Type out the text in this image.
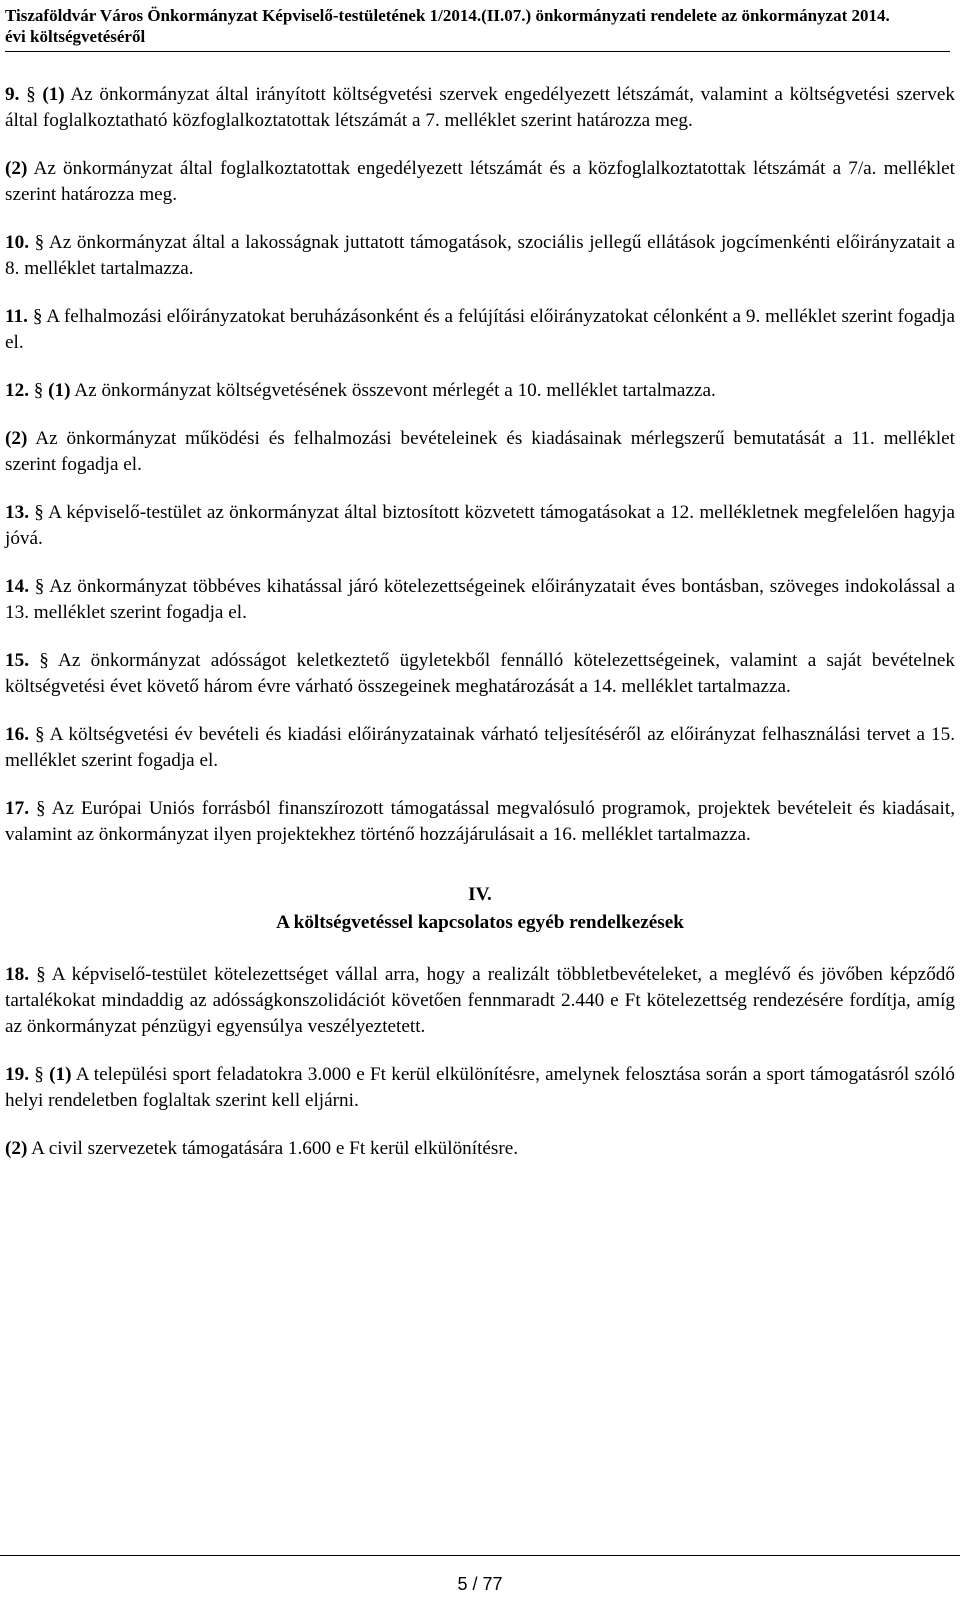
Tiszaföldvár Város Önkormányzat Képviselő-testületének 1/2014.(II.07.) önkormányzati rendelete az önkormányzat 2014.
évi költségvetéséről

9. § (1) Az önkormányzat által irányított költségvetési szervek engedélyezett létszámát, valamint a költségvetési szervek által foglalkoztatható közfoglalkoztatottak létszámát a 7. melléklet szerint határozza meg.

(2) Az önkormányzat által foglalkoztatottak engedélyezett létszámát és a közfoglalkoztatottak létszámát a 7/a. melléklet szerint határozza meg.

10. § Az önkormányzat által a lakosságnak juttatott támogatások, szociális jellegű ellátások jogcímenkénti előirányzatait a 8. melléklet tartalmazza.

11. § A felhalmozási előirányzatokat beruházásonként és a felújítási előirányzatokat célonként a 9. melléklet szerint fogadja el.

12. § (1) Az önkormányzat költségvetésének összevont mérlegét a 10. melléklet tartalmazza.

(2) Az önkormányzat működési és felhalmozási bevételeinek és kiadásainak mérlegszerű bemutatását a 11. melléklet szerint fogadja el.

13. § A képviselő-testület az önkormányzat által biztosított közvetett támogatásokat a 12. mellékletnek megfelelően hagyja jóvá.

14. § Az önkormányzat többéves kihatással járó kötelezettségeinek előirányzatait éves bontásban, szöveges indokolással a 13. melléklet szerint fogadja el.

15. § Az önkormányzat adósságot keletkeztető ügyletekből fennálló kötelezettségeinek, valamint a saját bevételnek költségvetési évet követő három évre várható összegeinek meghatározását a 14. melléklet tartalmazza.

16. § A költségvetési év bevételi és kiadási előirányzatainak várható teljesítéséről az előirányzat felhasználási tervet a 15. melléklet szerint fogadja el.

17. § Az Európai Uniós forrásból finanszírozott támogatással megvalósuló programok, projektek bevételeit és kiadásait, valamint az önkormányzat ilyen projektekhez történő hozzájárulásait a 16. melléklet tartalmazza.

IV.
A költségvetéssel kapcsolatos egyéb rendelkezések

18. § A képviselő-testület kötelezettséget vállal arra, hogy a realizált többletbevételeket, a meglévő és jövőben képződő tartalékokat mindaddig az adósságkonszolidációt követően fennmaradt 2.440 e Ft kötelezettség rendezésére fordítja, amíg az önkormányzat pénzügyi egyensúlya veszélyeztetett.

19. § (1) A települési sport feladatokra 3.000 e Ft kerül elkülönítésre, amelynek felosztása során a sport támogatásról szóló helyi rendeletben foglaltak szerint kell eljárni.

(2) A civil szervezetek támogatására 1.600 e Ft kerül elkülönítésre.

5 / 77
